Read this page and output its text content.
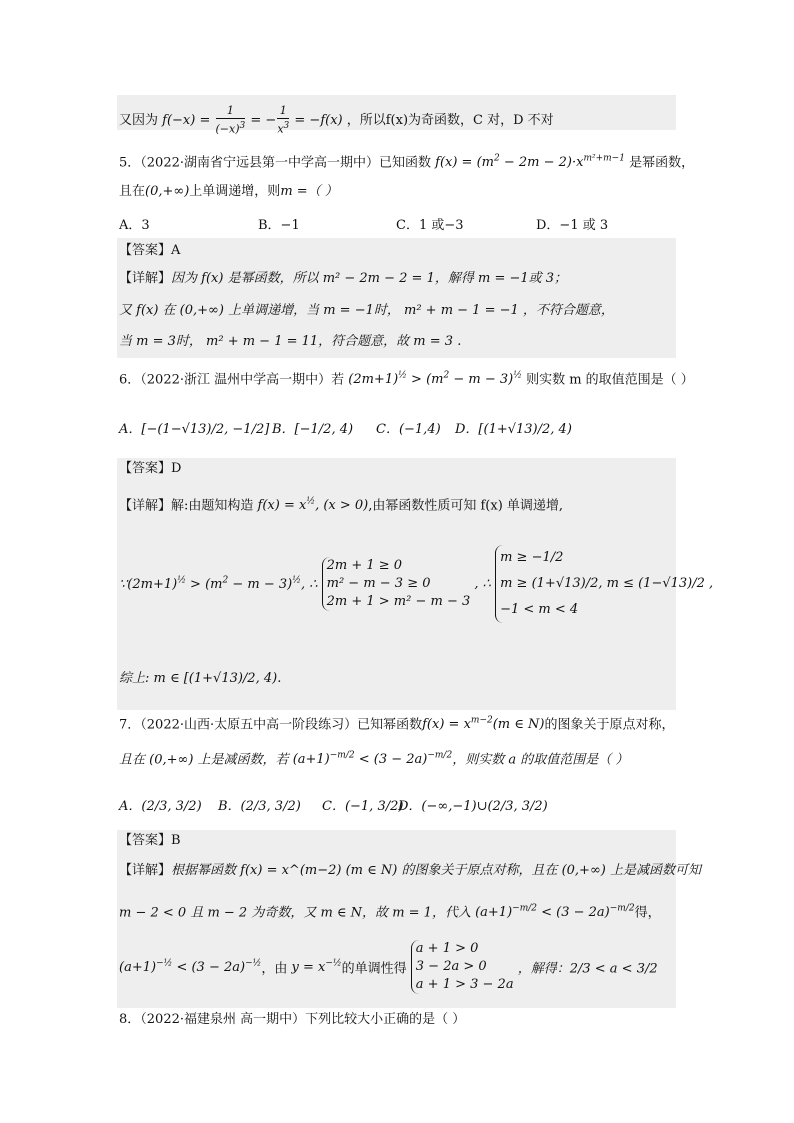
又因为 $f(-x) = \frac{1}{(-x)^3}$ = − $\frac{1}{x^3} = -f(x)$ ，所以f(x)为奇函数，C 对，D 不对
5．（2022·湖南省宁远县第一中学高一期中）已知函数 $f(x) = (m^2 - 2m - 2)\cdot x^{m^2+m-1}$ 是幂函数，
且在(0,+∞)上单调递增，则m =（ ）
A．3	B．−1	C．1 或−3	D．−1 或 3
【答案】A
【详解】因为 f(x) 是幂函数，所以 m² − 2m − 2 = 1，解得 m = −1或 3；
又 f(x) 在 (0,+∞) 上单调递增，当 m = −1时， m² + m − 1 = −1 ，不符合题意，
当 m = 3时， m² + m − 1 = 11，符合题意，故 m = 3 .
6．（2022·浙江 温州中学高一期中）若 $(2m+1)^{\frac{1}{2}} > (m^2 - m - 3)^{\frac{1}{2}}$ 则实数 m 的取值范围是（ ）
A．[−(1−√13)/2, −1/2] B．[−1/2, 4) C．(−1,4) D．[(1+√13)/2, 4)
【答案】D
【详解】解:由题知构造 $f(x) = x^{\frac{1}{2}}$, (x > 0),由幂函数性质可知 f(x) 单调递增,
$\because(2m+1)^{\frac{1}{2}} > (m^2 - m - 3)^{\frac{1}{2}}$, ∴ 2m + 1 ≥ 0
m² − m − 3 ≥ 0
2m + 1 > m² − m − 3 , ∴ m ≥ −1/2
m ≥ (1+√13)/2, m ≤ (1−√13)/2 ,
−1 < m < 4
综上: m ∈ [(1+√13)/2, 4).
7．（2022·山西·太原五中高一阶段练习）已知幂函数$f(x) = x^{m-2}(m$ ∈ N)的图象关于原点对称，
且在 (0,+∞) 上是减函数，若 $(a+1)^{-m/2} < (3 - 2a)^{-m/2}$，则实数 a 的取值范围是（ ）
A．(2/3, 3/2) B．(2/3, 3/2) C．(−1, 3/2)
D．(−∞,−1)∪(2/3, 3/2)
【答案】B
【详解】根据幂函数 f(x) = x^(m−2) (m ∈ N) 的图象关于原点对称，且在 (0,+∞) 上是减函数可知
m − 2 < 0 且 m − 2 为奇数，又 m ∈ N，故 m = 1，代入 $(a+1)^{-m/2} < (3 - 2a)^{-m/2}$得，
$(a+1)^{-\frac{1}{2}} < (3 - 2a)^{-\frac{1}{2}}$，由 $y = x^{-\frac{1}{2}}$的单调性得 a + 1 > 0
3 − 2a > 0
a + 1 > 3 − 2a ，解得：2/3 < a < 3/2
8．（2022·福建泉州 高一期中）下列比较大小正确的是（ ）
